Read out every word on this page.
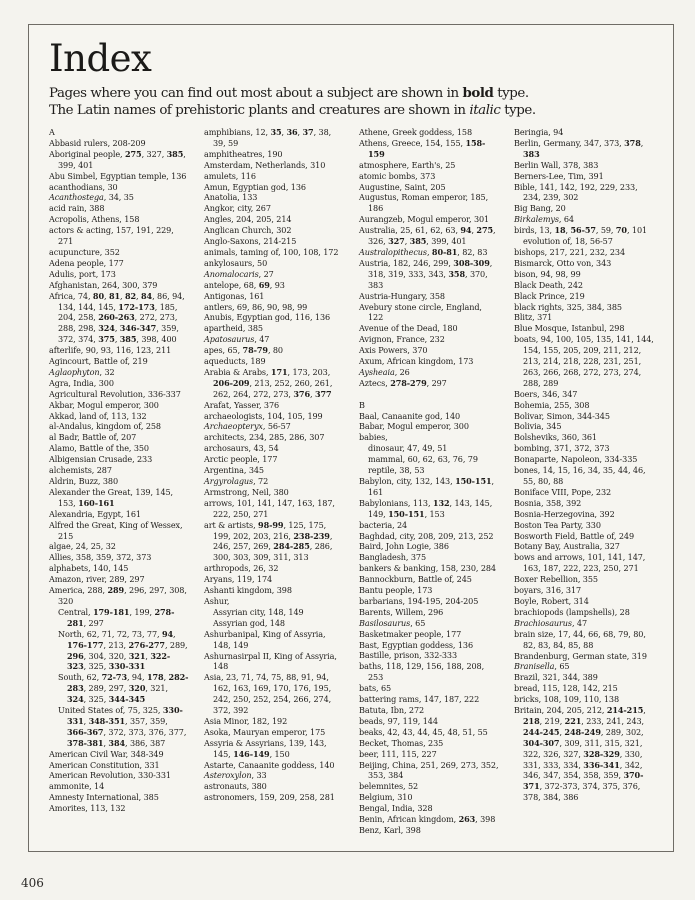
Index
Pages where you can find out most about a subject are shown in bold type.
The Latin names of prehistoric plants and creatures are shown in italic type.
A
Abbasid rulers, 208-209
Aboriginal people, 275, 327, 385, 399, 401
Abu Simbel, Egyptian temple, 136
acanthodians, 30
Acanthostega, 34, 35
acid rain, 388
Acropolis, Athens, 158
actors & acting, 157, 191, 229, 271
acupuncture, 352
Adena people, 177
Adulis, port, 173
Afghanistan, 264, 300, 379
Africa, 74, 80, 81, 82, 84, 86, 94, 134, 144, 145, 172-173, 185, 204, 258, 260-263, 272, 273, 288, 298, 324, 346-347, 359, 372, 374, 375, 385, 398, 400
afterlife, 90, 93, 116, 123, 211
Agincourt, Battle of, 219
Aglaophyton, 32
Agra, India, 300
Agricultural Revolution, 336-337
Akbar, Mogul emperor, 300
Akkad, land of, 113, 132
al-Andalus, kingdom of, 258
al Badr, Battle of, 207
Alamo, Battle of the, 350
Albigensian Crusade, 233
alchemists, 287
Aldrin, Buzz, 380
Alexander the Great, 139, 145, 153, 160-161
Alexandria, Egypt, 161
Alfred the Great, King of Wessex, 215
algae, 24, 25, 32
Allies, 358, 359, 372, 373
alphabets, 140, 145
Amazon, river, 289, 297
America, 288, 289, 296, 297, 308, 320
Central, 179-181, 199, 278-281, 297
North, 62, 71, 72, 73, 77, 94, 176-177, 213, 276-277, 289, 296, 304, 320, 321, 322-323, 325, 330-331
South, 62, 72-73, 94, 178, 282-283, 289, 297, 320, 321, 324, 325, 344-345
United States of, 75, 325, 330-331, 348-351, 357, 359, 366-367, 372, 373, 376, 377, 378-381, 384, 386, 387
American Civil War, 348-349
American Constitution, 331
American Revolution, 330-331
ammonite, 14
Amnesty International, 385
Amorites, 113, 132
amphibians, 12, 35, 36, 37, 38, 39, 59
amphitheatres, 190
Amsterdam, Netherlands, 310
amulets, 116
Amun, Egyptian god, 136
Anatolia, 133
Angkor, city, 267
Angles, 204, 205, 214
Anglican Church, 302
Anglo-Saxons, 214-215
animals, taming of, 100, 108, 172
ankylosaurs, 50
Anomalocaris, 27
antelope, 68, 69, 93
Antigonas, 161
antlers, 69, 86, 90, 98, 99
Anubis, Egyptian god, 116, 136
apartheid, 385
Apatosaurus, 47
apes, 65, 78-79, 80
aqueducts, 189
Arabia & Arabs, 171, 173, 203, 206-209, 213, 252, 260, 261, 262, 264, 272, 273, 376, 377
Arafat, Yasser, 376
archaeologists, 104, 105, 199
Archaeopteryx, 56-57
architects, 234, 285, 286, 307
archosaurs, 43, 54
Arctic people, 177
Argentina, 345
Argyrolagus, 72
Armstrong, Neil, 380
arrows, 101, 141, 147, 163, 187, 222, 250, 271
art & artists, 98-99, 125, 175, 199, 202, 203, 216, 238-239, 246, 257, 269, 284-285, 286, 300, 303, 309, 311, 313
arthropods, 26, 32
Aryans, 119, 174
Ashanti kingdom, 398
Ashur,
Assyrian city, 148, 149
Assyrian god, 148
Ashurbanipal, King of Assyria, 148, 149
Ashurnasirpal II, King of Assyria, 148
Asia, 23, 71, 74, 75, 88, 91, 94, 162, 163, 169, 170, 176, 195, 242, 250, 252, 254, 266, 274, 372, 392
Asia Minor, 182, 192
Asoka, Mauryan emperor, 175
Assyria & Assyrians, 139, 143, 145, 146-149, 150
Astarte, Canaanite goddess, 140
Asteroxylon, 33
astronauts, 380
astronomers, 159, 209, 258, 281
Athene, Greek goddess, 158
Athens, Greece, 154, 155, 158-159
atmosphere, Earth's, 25
atomic bombs, 373
Augustine, Saint, 205
Augustus, Roman emperor, 185, 186
Aurangzeb, Mogul emperor, 301
Australia, 25, 61, 62, 63, 94, 275, 326, 327, 385, 399, 401
Australopithecus, 80-81, 82, 83
Austria, 182, 246, 299, 308-309, 318, 319, 333, 343, 358, 370, 383
Austria-Hungary, 358
Avebury stone circle, England, 122
Avenue of the Dead, 180
Avignon, France, 232
Axis Powers, 370
Axum, African kingdom, 173
Aysheaia, 26
Aztecs, 278-279, 297
B
Baal, Canaanite god, 140
Babar, Mogul emperor, 300
babies,
dinosaur, 47, 49, 51
mammal, 60, 62, 63, 76, 79
reptile, 38, 53
Babylon, city, 132, 143, 150-151, 161
Babylonians, 113, 132, 143, 145, 149, 150-151, 153
bacteria, 24
Baghdad, city, 208, 209, 213, 252
Baird, John Logie, 386
Bangladesh, 375
bankers & banking, 158, 230, 284
Bannockburn, Battle of, 245
Bantu people, 173
barbarians, 194-195, 204-205
Barents, Willem, 296
Basilosaurus, 65
Basketmaker people, 177
Bast, Egyptian goddess, 136
Bastille, prison, 332-333
baths, 118, 129, 156, 188, 208, 253
bats, 65
battering rams, 147, 187, 222
Batuta, Ibn, 272
beads, 97, 119, 144
beaks, 42, 43, 44, 45, 48, 51, 55
Becket, Thomas, 235
beer, 111, 115, 227
Beijing, China, 251, 269, 273, 352, 353, 384
belemnites, 52
Belgium, 310
Bengal, India, 328
Benin, African kingdom, 263, 398
Benz, Karl, 398
Beringia, 94
Berlin, Germany, 347, 373, 378, 383
Berlin Wall, 378, 383
Berners-Lee, Tim, 391
Bible, 141, 142, 192, 229, 233, 234, 239, 302
Big Bang, 20
Birkalemys, 64
birds, 13, 18, 56-57, 59, 70, 101
evolution of, 18, 56-57
bishops, 217, 221, 232, 234
Bismarck, Otto von, 343
bison, 94, 98, 99
Black Death, 242
Black Prince, 219
black rights, 325, 384, 385
Blitz, 371
Blue Mosque, Istanbul, 298
boats, 94, 100, 105, 135, 141, 144, 154, 155, 205, 209, 211, 212, 213, 214, 218, 228, 231, 251, 263, 266, 268, 272, 273, 274, 288, 289
Boers, 346, 347
Bohemia, 255, 308
Bolivar, Simon, 344-345
Bolivia, 345
Bolsheviks, 360, 361
bombing, 371, 372, 373
Bonaparte, Napoleon, 334-335
bones, 14, 15, 16, 34, 35, 44, 46, 55, 80, 88
Boniface VIII, Pope, 232
Bosnia, 358, 392
Bosnia-Herzegovina, 392
Boston Tea Party, 330
Bosworth Field, Battle of, 249
Botany Bay, Australia, 327
bows and arrows, 101, 141, 147, 163, 187, 222, 223, 250, 271
Boxer Rebellion, 355
boyars, 316, 317
Boyle, Robert, 314
brachiopods (lampshells), 28
Brachiosaurus, 47
brain size, 17, 44, 66, 68, 79, 80, 82, 83, 84, 85, 88
Brandenburg, German state, 319
Branisella, 65
Brazil, 321, 344, 389
bread, 115, 128, 142, 215
bricks, 108, 109, 110, 138
Britain, 204, 205, 212, 214-215, 218, 219, 221, 233, 241, 243, 244-245, 248-249, 289, 302, 304-307, 309, 311, 315, 321, 322, 326, 327, 328-329, 330, 331, 333, 334, 336-341, 342, 346, 347, 354, 358, 359, 370-371, 372-373, 374, 375, 376, 378, 384, 386
406
